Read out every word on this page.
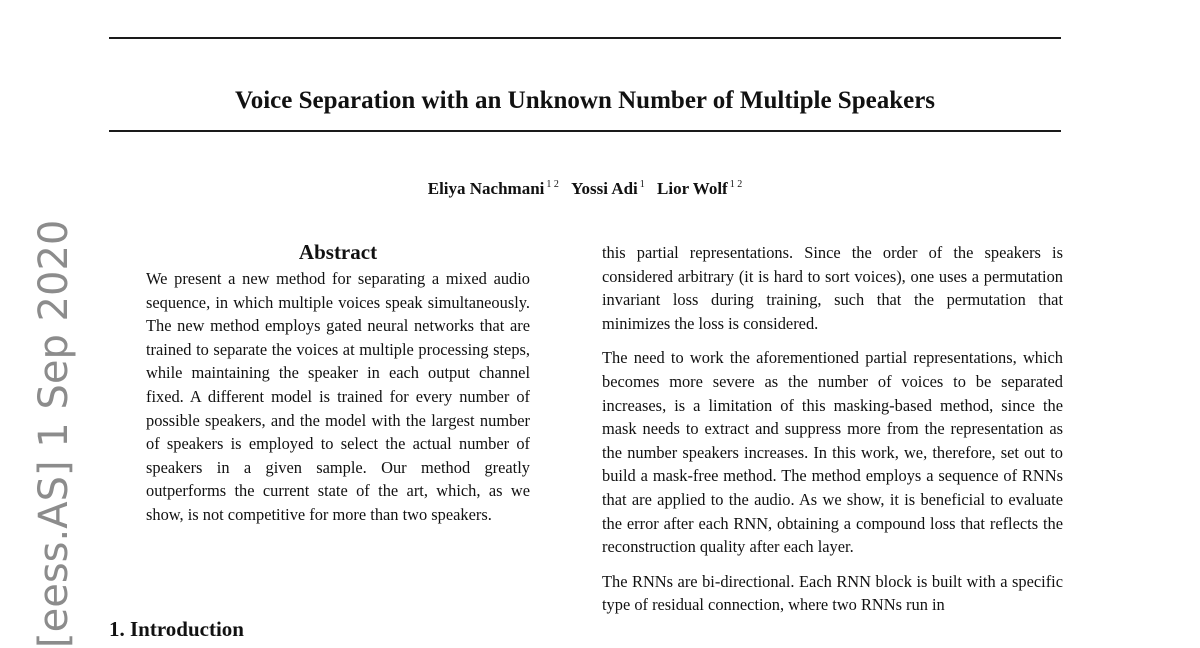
Voice Separation with an Unknown Number of Multiple Speakers
Eliya Nachmani $^{1 2}$ Yossi Adi $^1$ Lior Wolf $^{1 2}$
[eess.AS] 1 Sep 2020	Abstract

We present a new method for separating a mixed audio sequence, in which multiple voices speak simultaneously. The new method employs gated neural networks that are trained to separate the voices at multiple processing steps, while maintaining the speaker in each output channel fixed. A different model is trained for every number of possible speakers, and the model with the largest number of speakers is employed to select the actual number of speakers in a given sample. Our method greatly outperforms the current state of the art, which, as we show, is not competitive for more than two speakers.

1. Introduction

this partial representations. Since the order of the speakers is considered arbitrary (it is hard to sort voices), one uses a permutation invariant loss during training, such that the permutation that minimizes the loss is considered.

The need to work the aforementioned partial representations, which becomes more severe as the number of voices to be separated increases, is a limitation of this masking-based method, since the mask needs to extract and suppress more from the representation as the number speakers increases. In this work, we, therefore, set out to build a mask-free method. The method employs a sequence of RNNs that are applied to the audio. As we show, it is beneficial to evaluate the error after each RNN, obtaining a compound loss that reflects the reconstruction quality after each layer.

The RNNs are bi-directional. Each RNN block is built with a specific type of residual connection, where two RNNs run in
